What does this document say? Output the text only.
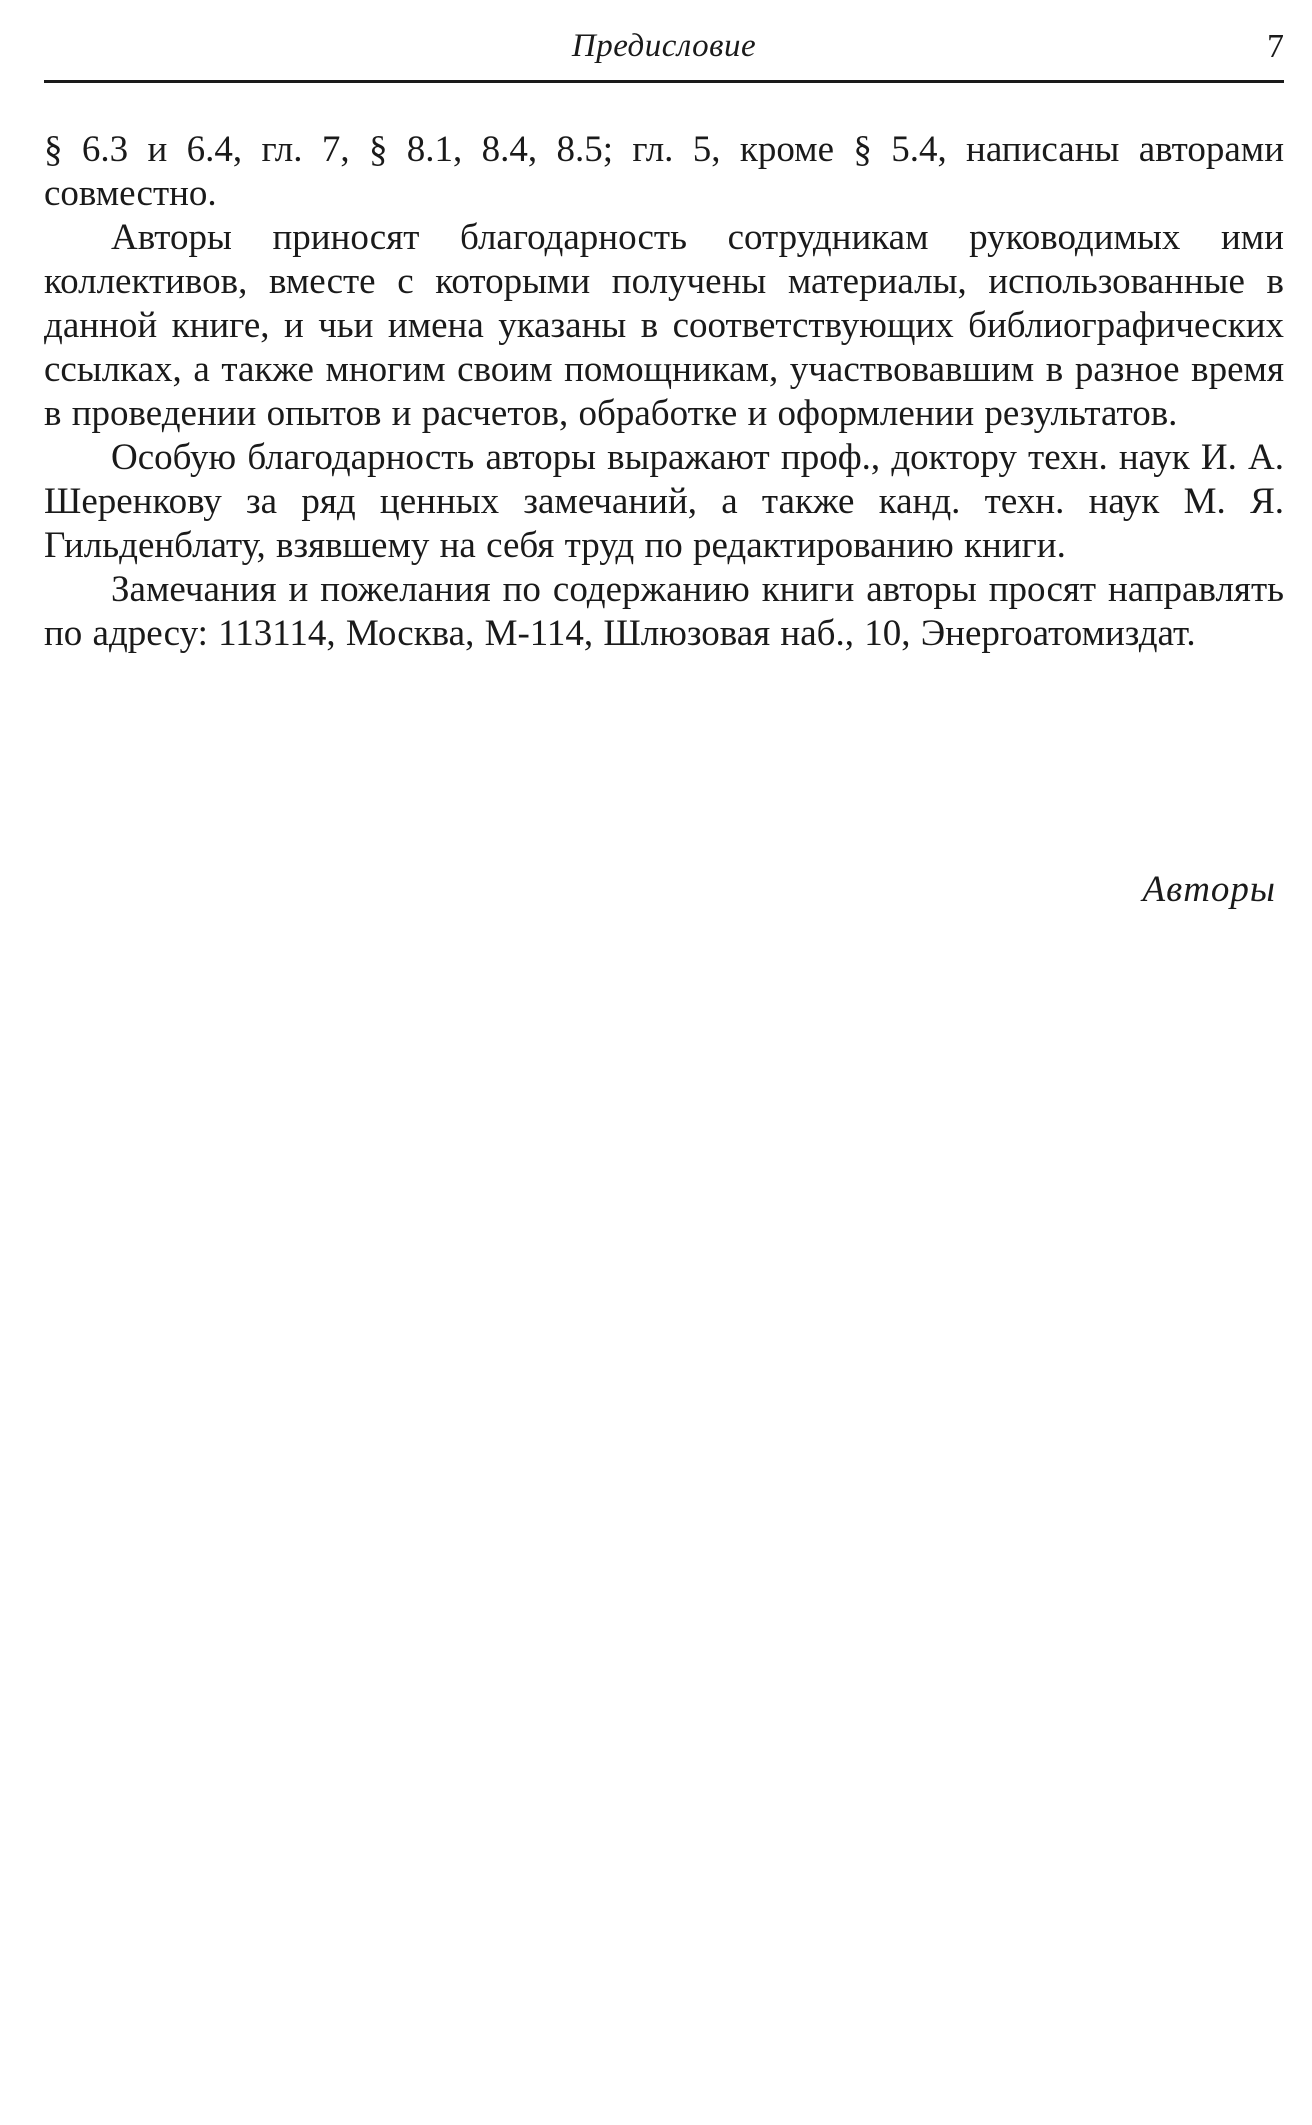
Предисловие	7

§ 6.3 и 6.4, гл. 7, § 8.1, 8.4, 8.5; гл. 5, кроме § 5.4, написаны авторами совместно.

Авторы приносят благодарность сотрудникам руководимых ими коллективов, вместе с которыми получены материалы, использованные в данной книге, и чьи имена указаны в соответствующих библиографических ссылках, а также многим своим помощникам, участвовавшим в разное время в проведении опытов и расчетов, обработке и оформлении результатов.

Особую благодарность авторы выражают проф., доктору техн. наук И. А. Шеренкову за ряд ценных замечаний, а также канд. техн. наук М. Я. Гильденблату, взявшему на себя труд по редактированию книги.

Замечания и пожелания по содержанию книги авторы просят направлять по адресу: 113114, Москва, М-114, Шлюзовая наб., 10, Энергоатомиздат.

Авторы
